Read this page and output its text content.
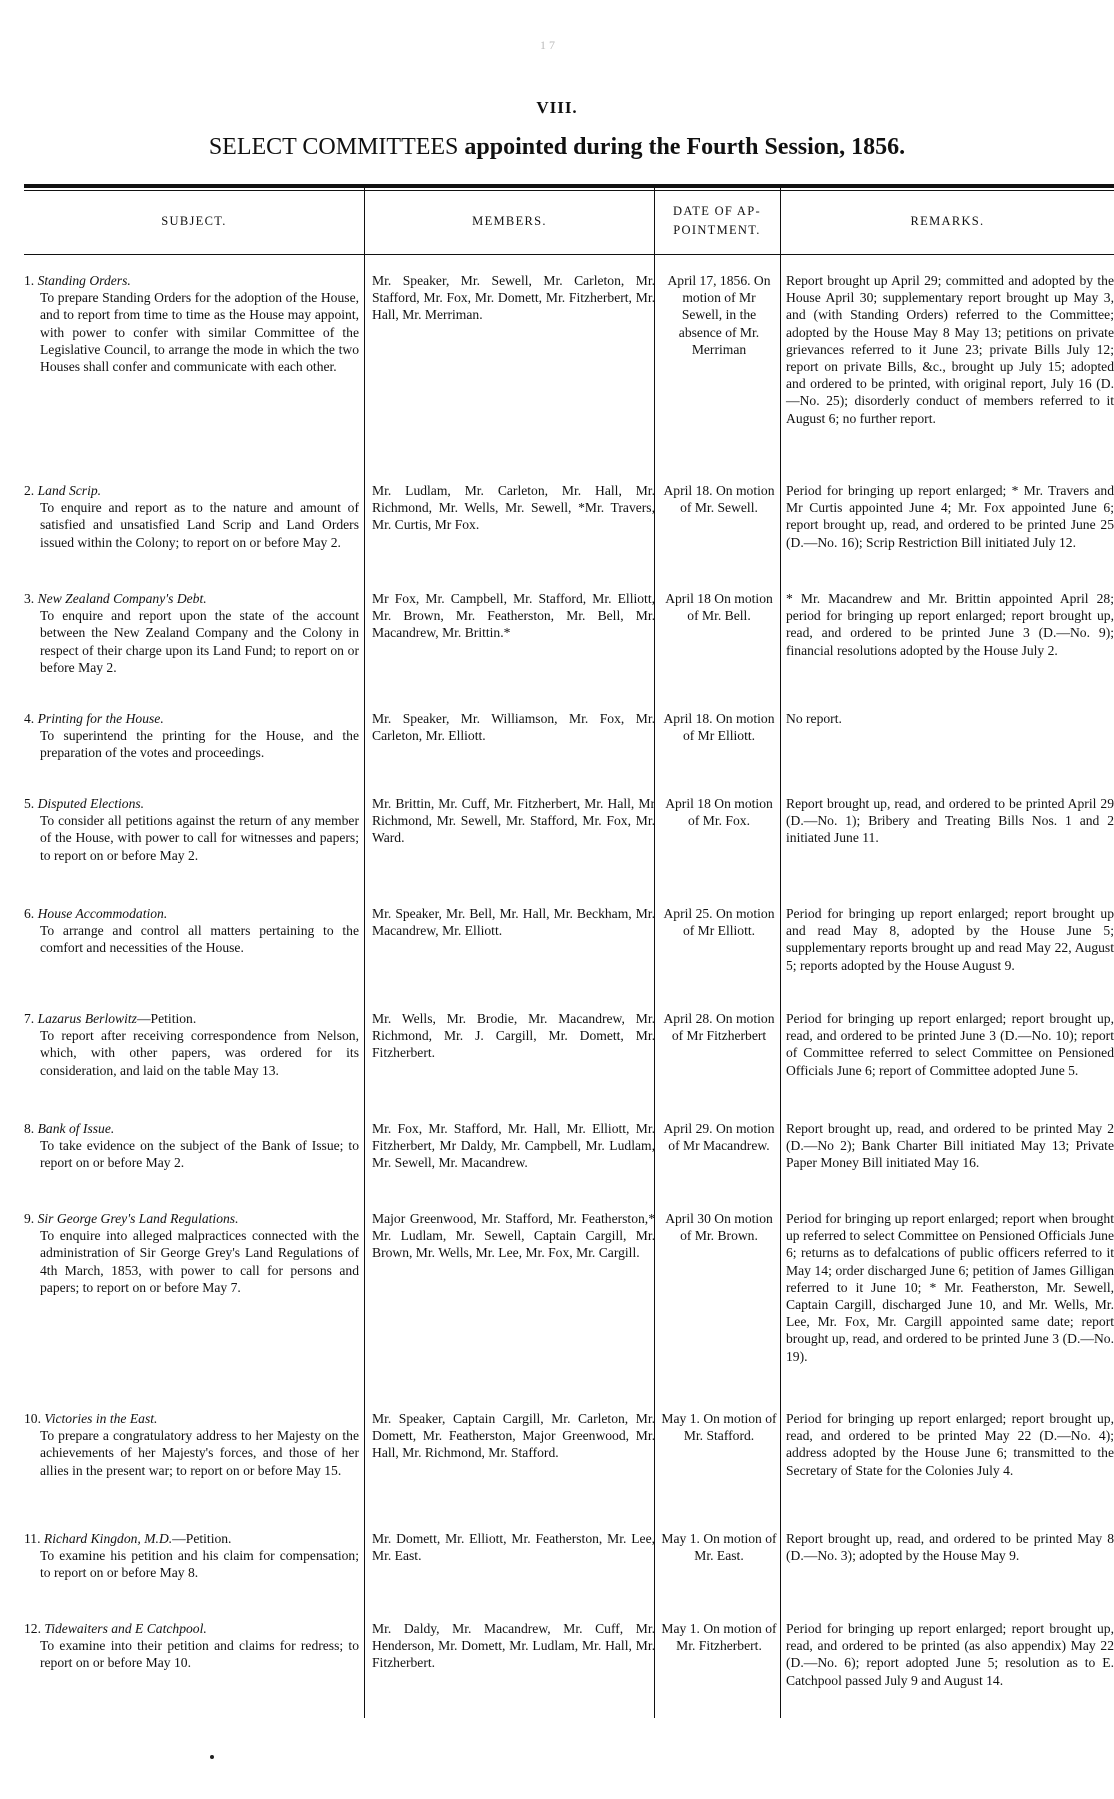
1 7
VIII.
SELECT COMMITTEES appointed during the Fourth Session, 1856.
SUBJECT.	MEMBERS.
DATE OF AP-POINTMENT.
REMARKS.
1. Standing Orders.
To prepare Standing Orders for the adoption of the House, and to report from time to time as the House may appoint, with power to confer with similar Committee of the Legislative Council, to arrange the mode in which the two Houses shall confer and communicate with each other.
Mr. Speaker, Mr. Sewell, Mr. Carleton, Mr. Stafford, Mr. Fox, Mr. Domett, Mr. Fitzherbert, Mr. Hall, Mr. Merriman.
April 17, 1856. On motion of Mr Sewell, in the absence of Mr. Merriman
Report brought up April 29; committed and adopted by the House April 30; supplementary report brought up May 3, and (with Standing Orders) referred to the Committee; adopted by the House May 8 May 13; petitions on private grievances referred to it June 23; private Bills July 12; report on private Bills, &c., brought up July 15; adopted and ordered to be printed, with original report, July 16 (D.—No. 25); disorderly conduct of members referred to it August 6; no further report.
2. Land Scrip.
To enquire and report as to the nature and amount of satisfied and unsatisfied Land Scrip and Land Orders issued within the Colony; to report on or before May 2.
Mr. Ludlam, Mr. Carleton, Mr. Hall, Mr. Richmond, Mr. Wells, Mr. Sewell, *Mr. Travers, Mr. Curtis, Mr Fox.
April 18. On motion of Mr. Sewell.
Period for bringing up report enlarged; * Mr. Travers and Mr Curtis appointed June 4; Mr. Fox appointed June 6; report brought up, read, and ordered to be printed June 25 (D.—No. 16); Scrip Restriction Bill initiated July 12.
3. New Zealand Company's Debt.
To enquire and report upon the state of the account between the New Zealand Company and the Colony in respect of their charge upon its Land Fund; to report on or before May 2.
Mr Fox, Mr. Campbell, Mr. Stafford, Mr. Elliott, Mr. Brown, Mr. Featherston, Mr. Bell, Mr. Macandrew, Mr. Brittin.*
April 18 On motion of Mr. Bell.
* Mr. Macandrew and Mr. Brittin appointed April 28; period for bringing up report enlarged; report brought up, read, and ordered to be printed June 3 (D.—No. 9); financial resolutions adopted by the House July 2.
4. Printing for the House.
To superintend the printing for the House, and the preparation of the votes and proceedings.
Mr. Speaker, Mr. Williamson, Mr. Fox, Mr. Carleton, Mr. Elliott.
April 18. On motion of Mr Elliott.
No report.
5. Disputed Elections.
To consider all petitions against the return of any member of the House, with power to call for witnesses and papers; to report on or before May 2.
Mr. Brittin, Mr. Cuff, Mr. Fitzherbert, Mr. Hall, Mr Richmond, Mr. Sewell, Mr. Stafford, Mr. Fox, Mr. Ward.
April 18 On motion of Mr. Fox.
Report brought up, read, and ordered to be printed April 29 (D.—No. 1); Bribery and Treating Bills Nos. 1 and 2 initiated June 11.
6. House Accommodation.
To arrange and control all matters pertaining to the comfort and necessities of the House.
Mr. Speaker, Mr. Bell, Mr. Hall, Mr. Beckham, Mr. Macandrew, Mr. Elliott.
April 25. On motion of Mr Elliott.
Period for bringing up report enlarged; report brought up and read May 8, adopted by the House June 5; supplementary reports brought up and read May 22, August 5; reports adopted by the House August 9.
7. Lazarus Berlowitz—Petition.
To report after receiving correspondence from Nelson, which, with other papers, was ordered for its consideration, and laid on the table May 13.
Mr. Wells, Mr. Brodie, Mr. Macandrew, Mr. Richmond, Mr. J. Cargill, Mr. Domett, Mr. Fitzherbert.
April 28. On motion of Mr Fitzherbert
Period for bringing up report enlarged; report brought up, read, and ordered to be printed June 3 (D.—No. 10); report of Committee referred to select Committee on Pensioned Officials June 6; report of Committee adopted June 5.
8. Bank of Issue.
To take evidence on the subject of the Bank of Issue; to report on or before May 2.
Mr. Fox, Mr. Stafford, Mr. Hall, Mr. Elliott, Mr. Fitzherbert, Mr Daldy, Mr. Campbell, Mr. Ludlam, Mr. Sewell, Mr. Macandrew.
April 29. On motion of Mr Macandrew.
Report brought up, read, and ordered to be printed May 2 (D.—No 2); Bank Charter Bill initiated May 13; Private Paper Money Bill initiated May 16.
9. Sir George Grey's Land Regulations.
To enquire into alleged malpractices connected with the administration of Sir George Grey's Land Regulations of 4th March, 1853, with power to call for persons and papers; to report on or before May 7.
Major Greenwood, Mr. Stafford, Mr. Featherston,* Mr. Ludlam, Mr. Sewell, Captain Cargill, Mr. Brown, Mr. Wells, Mr. Lee, Mr. Fox, Mr. Cargill.
April 30 On motion of Mr. Brown.
Period for bringing up report enlarged; report when brought up referred to select Committee on Pensioned Officials June 6; returns as to defalcations of public officers referred to it May 14; order discharged June 6; petition of James Gilligan referred to it June 10; * Mr. Featherston, Mr. Sewell, Captain Cargill, discharged June 10, and Mr. Wells, Mr. Lee, Mr. Fox, Mr. Cargill appointed same date; report brought up, read, and ordered to be printed June 3 (D.—No. 19).
10. Victories in the East.
To prepare a congratulatory address to her Majesty on the achievements of her Majesty's forces, and those of her allies in the present war; to report on or before May 15.
Mr. Speaker, Captain Cargill, Mr. Carleton, Mr. Domett, Mr. Featherston, Major Greenwood, Mr. Hall, Mr. Richmond, Mr. Stafford.
May 1. On motion of Mr. Stafford.
Period for bringing up report enlarged; report brought up, read, and ordered to be printed May 22 (D.—No. 4); address adopted by the House June 6; transmitted to the Secretary of State for the Colonies July 4.
11. Richard Kingdon, M.D.—Petition.
To examine his petition and his claim for compensation; to report on or before May 8.
Mr. Domett, Mr. Elliott, Mr. Featherston, Mr. Lee, Mr. East.
May 1. On motion of Mr. East.
Report brought up, read, and ordered to be printed May 8 (D.—No. 3); adopted by the House May 9.
12. Tidewaiters and E Catchpool.
To examine into their petition and claims for redress; to report on or before May 10.
Mr. Daldy, Mr. Macandrew, Mr. Cuff, Mr. Henderson, Mr. Domett, Mr. Ludlam, Mr. Hall, Mr. Fitzherbert.
May 1. On motion of Mr. Fitzherbert.
Period for bringing up report enlarged; report brought up, read, and ordered to be printed (as also appendix) May 22 (D.—No. 6); report adopted June 5; resolution as to E. Catchpool passed July 9 and August 14.
